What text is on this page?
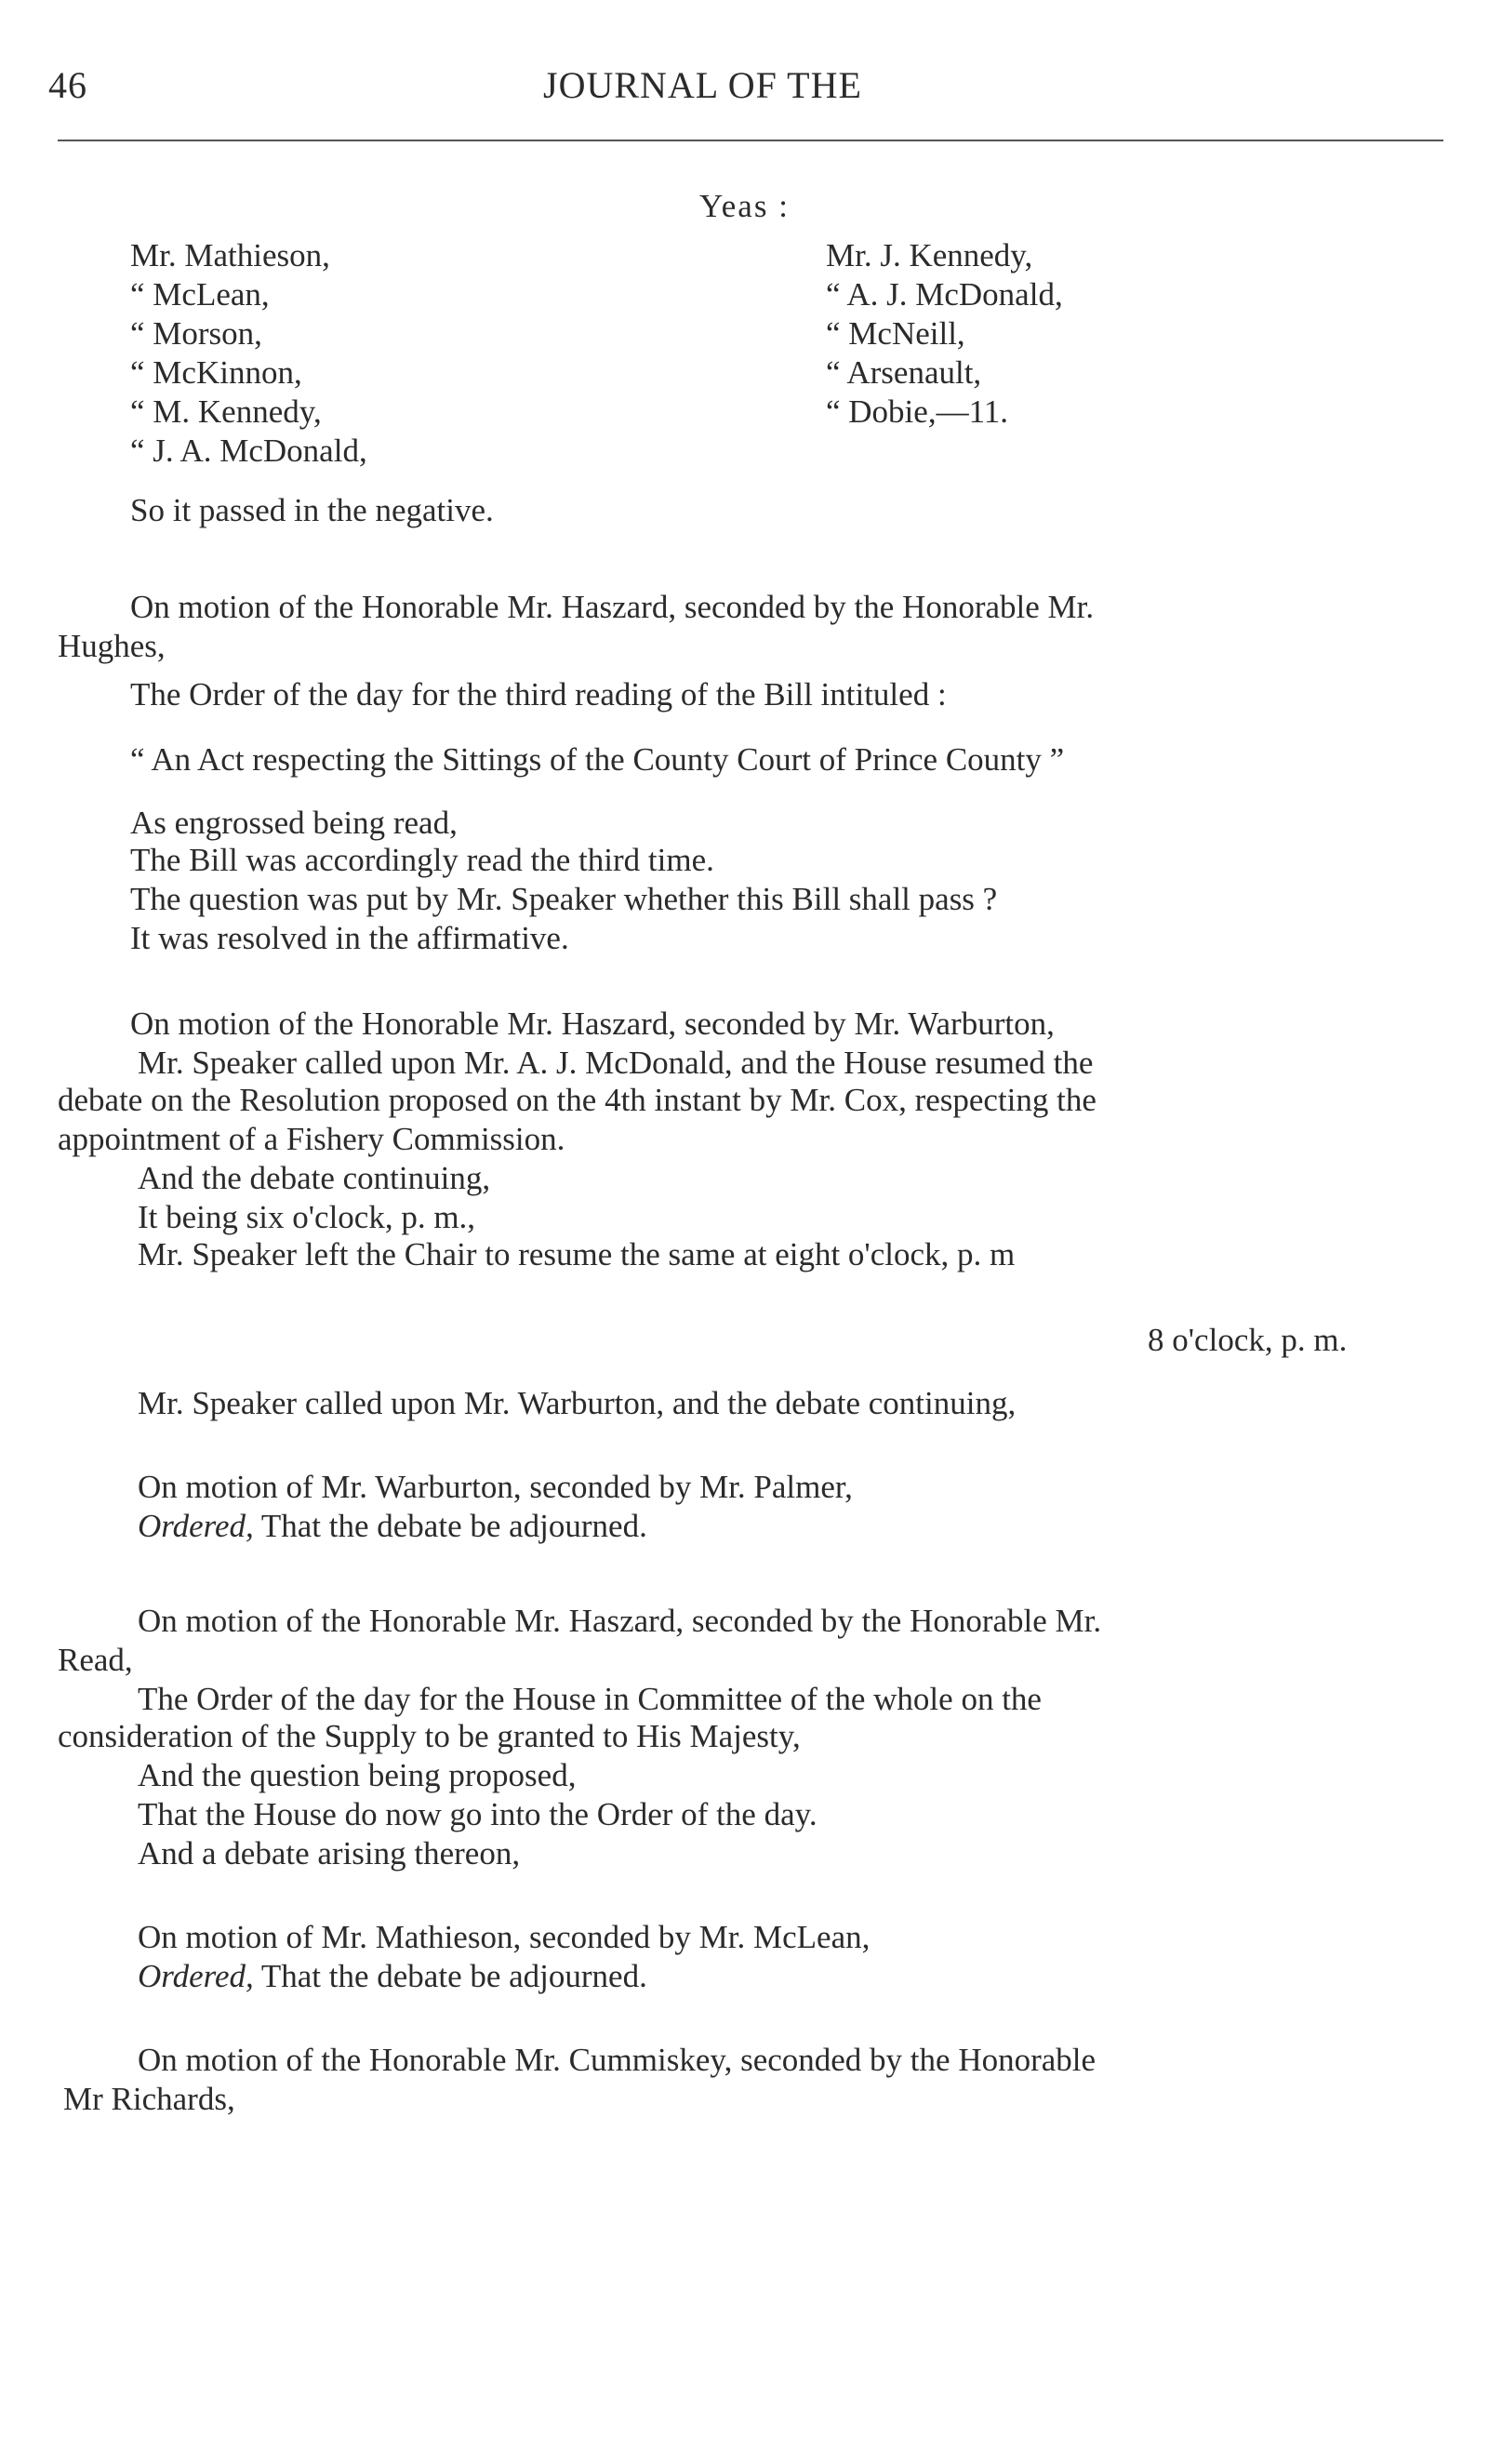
46	JOURNAL OF THE
Yeas :
Mr. Mathieson,
“ McLean,
“ Morson,
“ McKinnon,
“ M. Kennedy,
“ J. A. McDonald,
Mr. J. Kennedy,
“ A. J. McDonald,
“ McNeill,
“ Arsenault,
“ Dobie,—11.
So it passed in the negative.
On motion of the Honorable Mr. Haszard, seconded by the Honorable Mr.
Hughes,
The Order of the day for the third reading of the Bill intituled :
“ An Act respecting the Sittings of the County Court of Prince County ”
As engrossed being read,
The Bill was accordingly read the third time.
The question was put by Mr. Speaker whether this Bill shall pass ?
It was resolved in the affirmative.
On motion of the Honorable Mr. Haszard, seconded by Mr. Warburton,
Mr. Speaker called upon Mr. A. J. McDonald, and the House resumed the
debate on the Resolution proposed on the 4th instant by Mr. Cox, respecting the
appointment of a Fishery Commission.
And the debate continuing,
It being six o'clock, p. m.,
Mr. Speaker left the Chair to resume the same at eight o'clock, p. m
8 o'clock, p. m.
Mr. Speaker called upon Mr. Warburton, and the debate continuing,
On motion of Mr. Warburton, seconded by Mr. Palmer,
Ordered, That the debate be adjourned.
On motion of the Honorable Mr. Haszard, seconded by the Honorable Mr.
Read,
The Order of the day for the House in Committee of the whole on the
consideration of the Supply to be granted to His Majesty,
And the question being proposed,
That the House do now go into the Order of the day.
And a debate arising thereon,
On motion of Mr. Mathieson, seconded by Mr. McLean,
Ordered, That the debate be adjourned.
On motion of the Honorable Mr. Cummiskey, seconded by the Honorable
Mr Richards,
